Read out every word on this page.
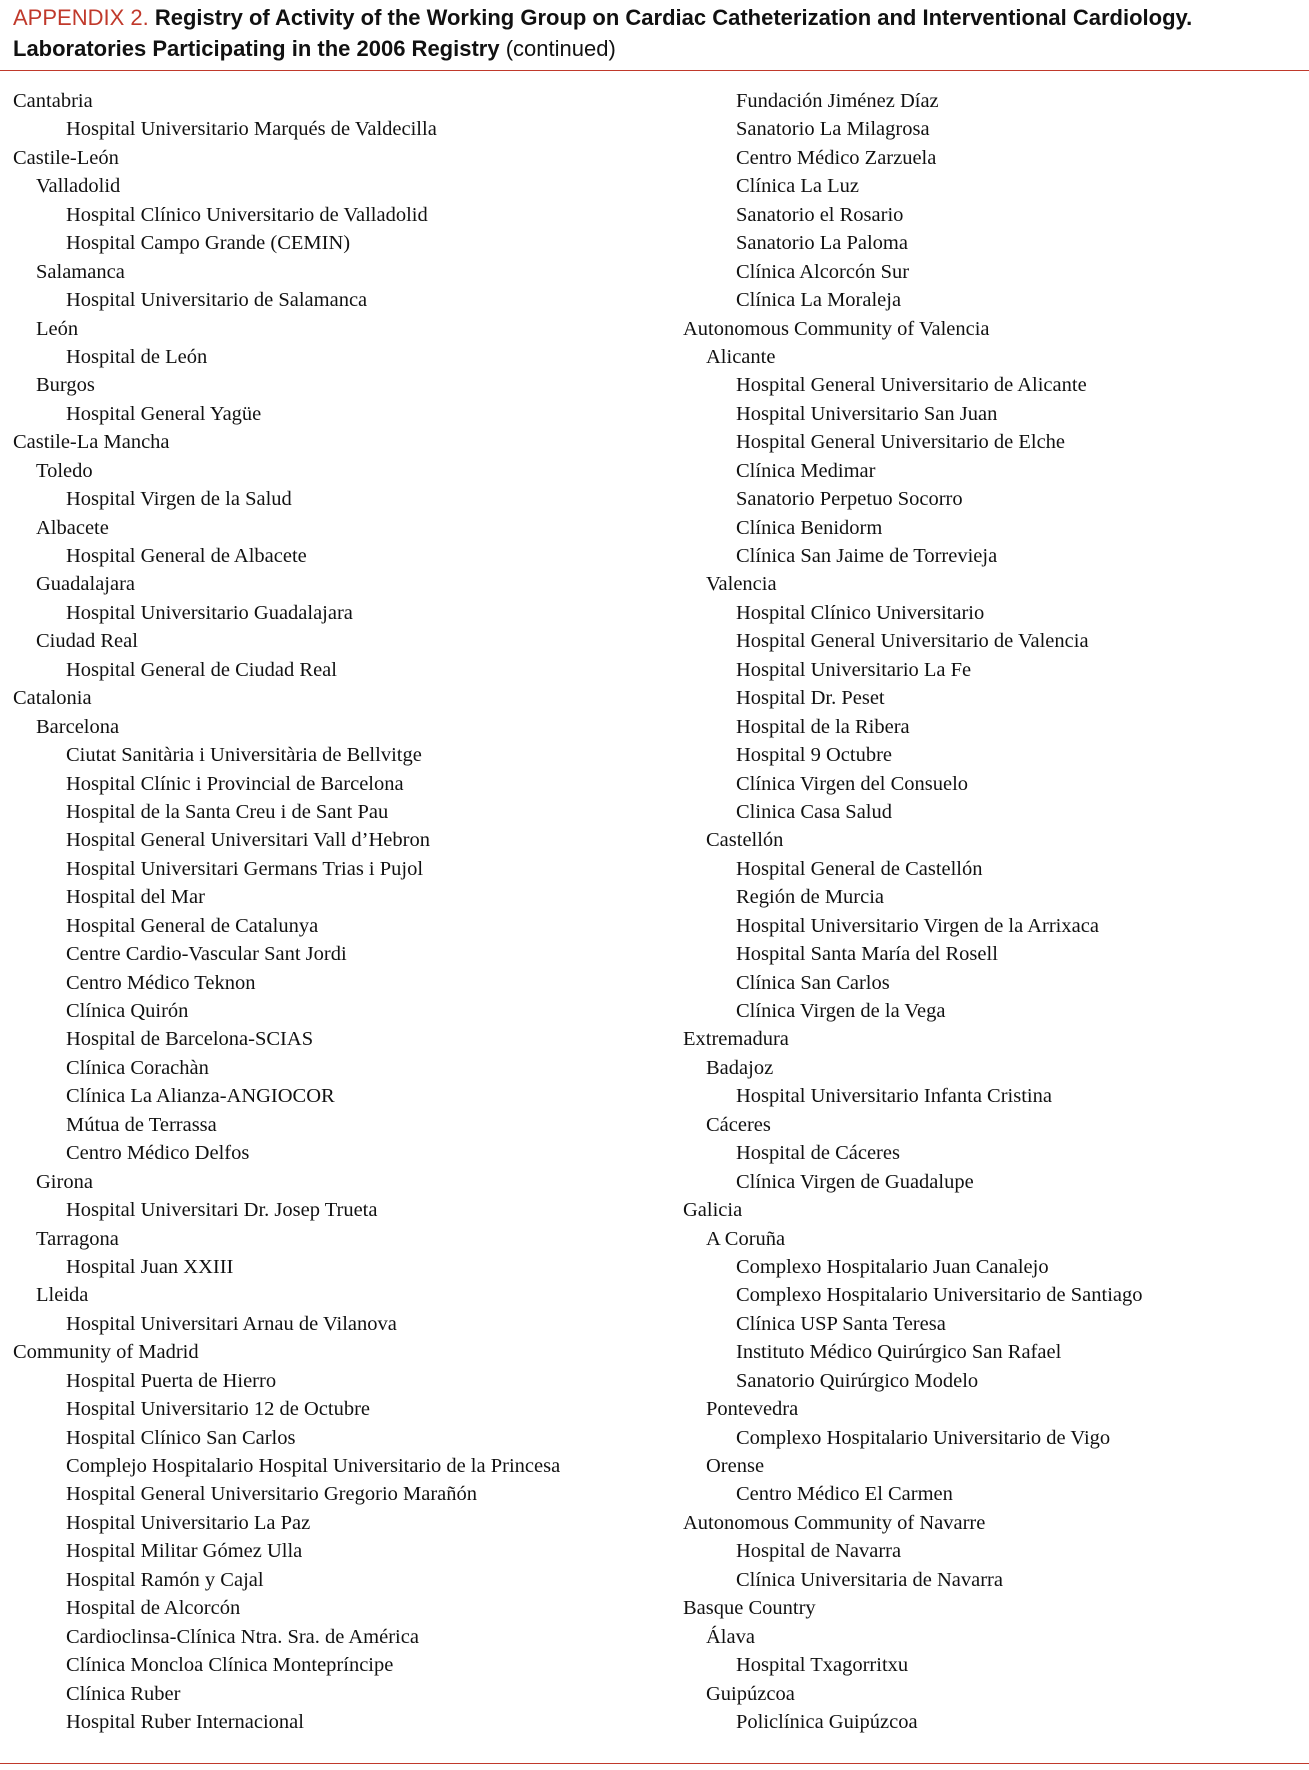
APPENDIX 2. Registry of Activity of the Working Group on Cardiac Catheterization and Interventional Cardiology. Laboratories Participating in the 2006 Registry (continued)
Cantabria
Hospital Universitario Marqués de Valdecilla
Castile-León
Valladolid
Hospital Clínico Universitario de Valladolid
Hospital Campo Grande (CEMIN)
Salamanca
Hospital Universitario de Salamanca
León
Hospital de León
Burgos
Hospital General Yagüe
Castile-La Mancha
Toledo
Hospital Virgen de la Salud
Albacete
Hospital General de Albacete
Guadalajara
Hospital Universitario Guadalajara
Ciudad Real
Hospital General de Ciudad Real
Catalonia
Barcelona
Ciutat Sanitària i Universitària de Bellvitge
Hospital Clínic i Provincial de Barcelona
Hospital de la Santa Creu i de Sant Pau
Hospital General Universitari Vall d’Hebron
Hospital Universitari Germans Trias i Pujol
Hospital del Mar
Hospital General de Catalunya
Centre Cardio-Vascular Sant Jordi
Centro Médico Teknon
Clínica Quirón
Hospital de Barcelona-SCIAS
Clínica Corachàn
Clínica La Alianza-ANGIOCOR
Mútua de Terrassa
Centro Médico Delfos
Girona
Hospital Universitari Dr. Josep Trueta
Tarragona
Hospital Juan XXIII
Lleida
Hospital Universitari Arnau de Vilanova
Community of Madrid
Hospital Puerta de Hierro
Hospital Universitario 12 de Octubre
Hospital Clínico San Carlos
Complejo Hospitalario Hospital Universitario de la Princesa
Hospital General Universitario Gregorio Marañón
Hospital Universitario La Paz
Hospital Militar Gómez Ulla
Hospital Ramón y Cajal
Hospital de Alcorcón
Cardioclinsa-Clínica Ntra. Sra. de América
Clínica Moncloa Clínica Montepríncipe
Clínica Ruber
Hospital Ruber Internacional
Fundación Jiménez Díaz
Sanatorio La Milagrosa
Centro Médico Zarzuela
Clínica La Luz
Sanatorio el Rosario
Sanatorio La Paloma
Clínica Alcorcón Sur
Clínica La Moraleja
Autonomous Community of Valencia
Alicante
Hospital General Universitario de Alicante
Hospital Universitario San Juan
Hospital General Universitario de Elche
Clínica Medimar
Sanatorio Perpetuo Socorro
Clínica Benidorm
Clínica San Jaime de Torrevieja
Valencia
Hospital Clínico Universitario
Hospital General Universitario de Valencia
Hospital Universitario La Fe
Hospital Dr. Peset
Hospital de la Ribera
Hospital 9 Octubre
Clínica Virgen del Consuelo
Clinica Casa Salud
Castellón
Hospital General de Castellón
Región de Murcia
Hospital Universitario Virgen de la Arrixaca
Hospital Santa María del Rosell
Clínica San Carlos
Clínica Virgen de la Vega
Extremadura
Badajoz
Hospital Universitario Infanta Cristina
Cáceres
Hospital de Cáceres
Clínica Virgen de Guadalupe
Galicia
A Coruña
Complexo Hospitalario Juan Canalejo
Complexo Hospitalario Universitario de Santiago
Clínica USP Santa Teresa
Instituto Médico Quirúrgico San Rafael
Sanatorio Quirúrgico Modelo
Pontevedra
Complexo Hospitalario Universitario de Vigo
Orense
Centro Médico El Carmen
Autonomous Community of Navarre
Hospital de Navarra
Clínica Universitaria de Navarra
Basque Country
Álava
Hospital Txagorritxu
Guipúzcoa
Policlínica Guipúzcoa
